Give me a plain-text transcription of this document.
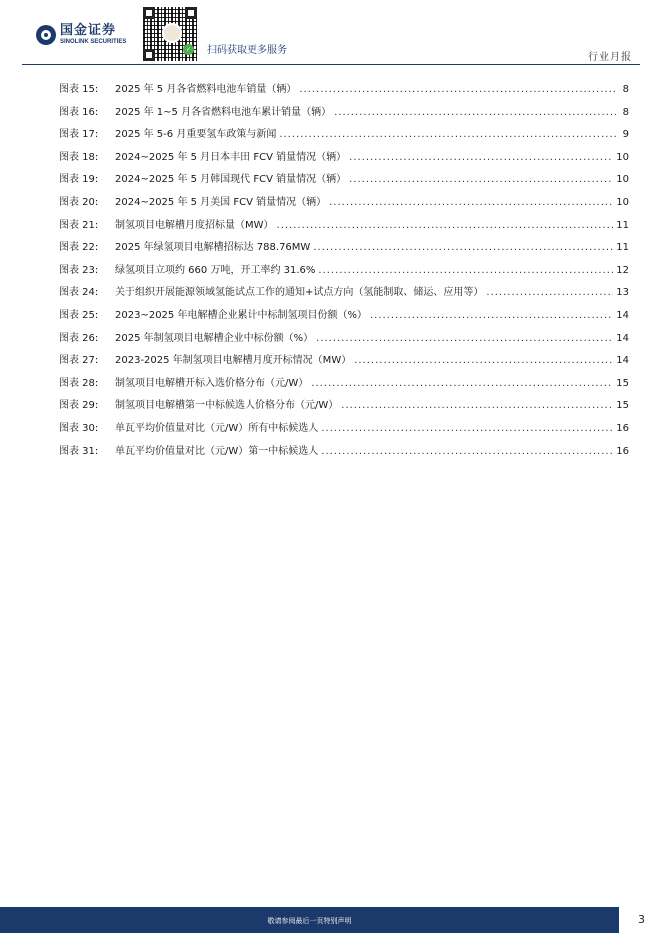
国金证券
SINOLINK SECURITIES
✓ 扫码获取更多服务
行业月报
图表 15:	2025 年 5 月各省燃料电池车销量（辆） .....	8
图表 16:	2025 年 1~5 月各省燃料电池车累计销量（辆） .....	8
图表 17:	2025 年 5-6 月重要氢车政策与新闻 .....	9
图表 18:	2024~2025 年 5 月日本丰田 FCV 销量情况（辆） .....	10
图表 19:	2024~2025 年 5 月韩国现代 FCV 销量情况（辆） .....	10
图表 20:	2024~2025 年 5 月美国 FCV 销量情况（辆） .....	10
图表 21:	制氢项目电解槽月度招标量（MW） .....	11
图表 22:	2025 年绿氢项目电解槽招标达 788.76MW .....	11
图表 23:	绿氢项目立项约 660 万吨，开工率约 31.6% .....	12
图表 24:	关于组织开展能源领域氢能试点工作的通知+试点方向（氢能制取、储运、应用等） .....	13
图表 25:	2023~2025 年电解槽企业累计中标制氢项目份额（%） .....	14
图表 26:	2025 年制氢项目电解槽企业中标份额（%） .....	14
图表 27:	2023-2025 年制氢项目电解槽月度开标情况（MW） .....	14
图表 28:	制氢项目电解槽开标入选价格分布（元/W） .....	15
图表 29:	制氢项目电解槽第一中标候选人价格分布（元/W） .....	15
图表 30:	单瓦平均价值量对比（元/W）所有中标候选人 .....	16
图表 31:	单瓦平均价值量对比（元/W）第一中标候选人 .....	16
敬请参阅最后一页特别声明	3
